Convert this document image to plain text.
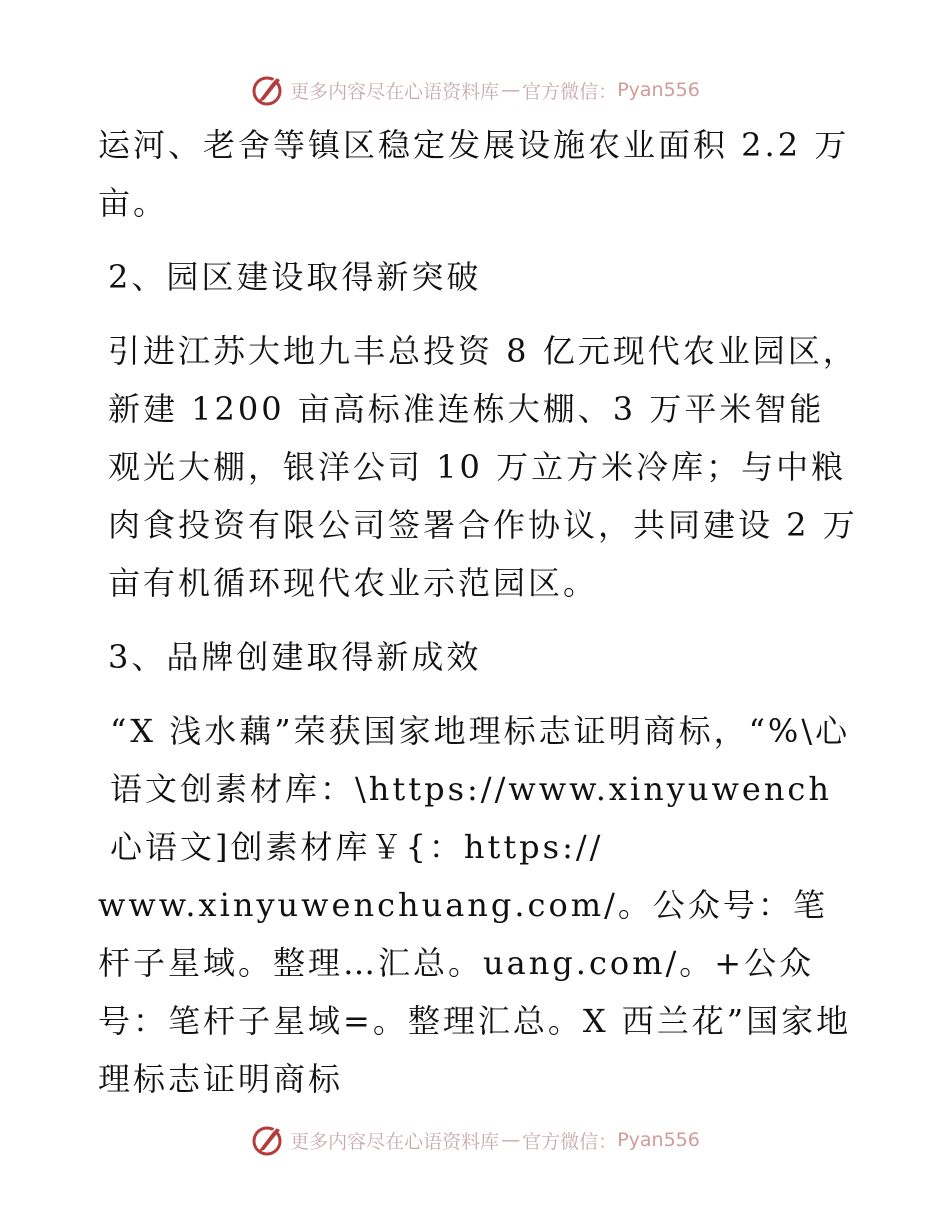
更多内容尽在心语资料库 — 官方微信： Pyan556

运河、老舍等镇区稳定发展设施农业面积 2.2 万亩。

2、园区建设取得新突破

引进江苏大地九丰总投资 8 亿元现代农业园区，新建 1200 亩高标准连栋大棚、3 万平米智能观光大棚，银洋公司 10 万立方米冷库；与中粮肉食投资有限公司签署合作协议，共同建设 2 万亩有机循环现代农业示范园区。

3、品牌创建取得新成效

“X 浅水藕”荣获国家地理标志证明商标，“%\心语文创素材库：\https://www.xinyuwench 心语文]创素材库￥{：https://

www.xinyuwenchuang.com/。公众号：笔杆子星域。整理…汇总。uang.com/。+公众号：笔杆子星域=。整理汇总。X 西兰花”国家地理标志证明商标

更多内容尽在心语资料库 — 官方微信： Pyan556
